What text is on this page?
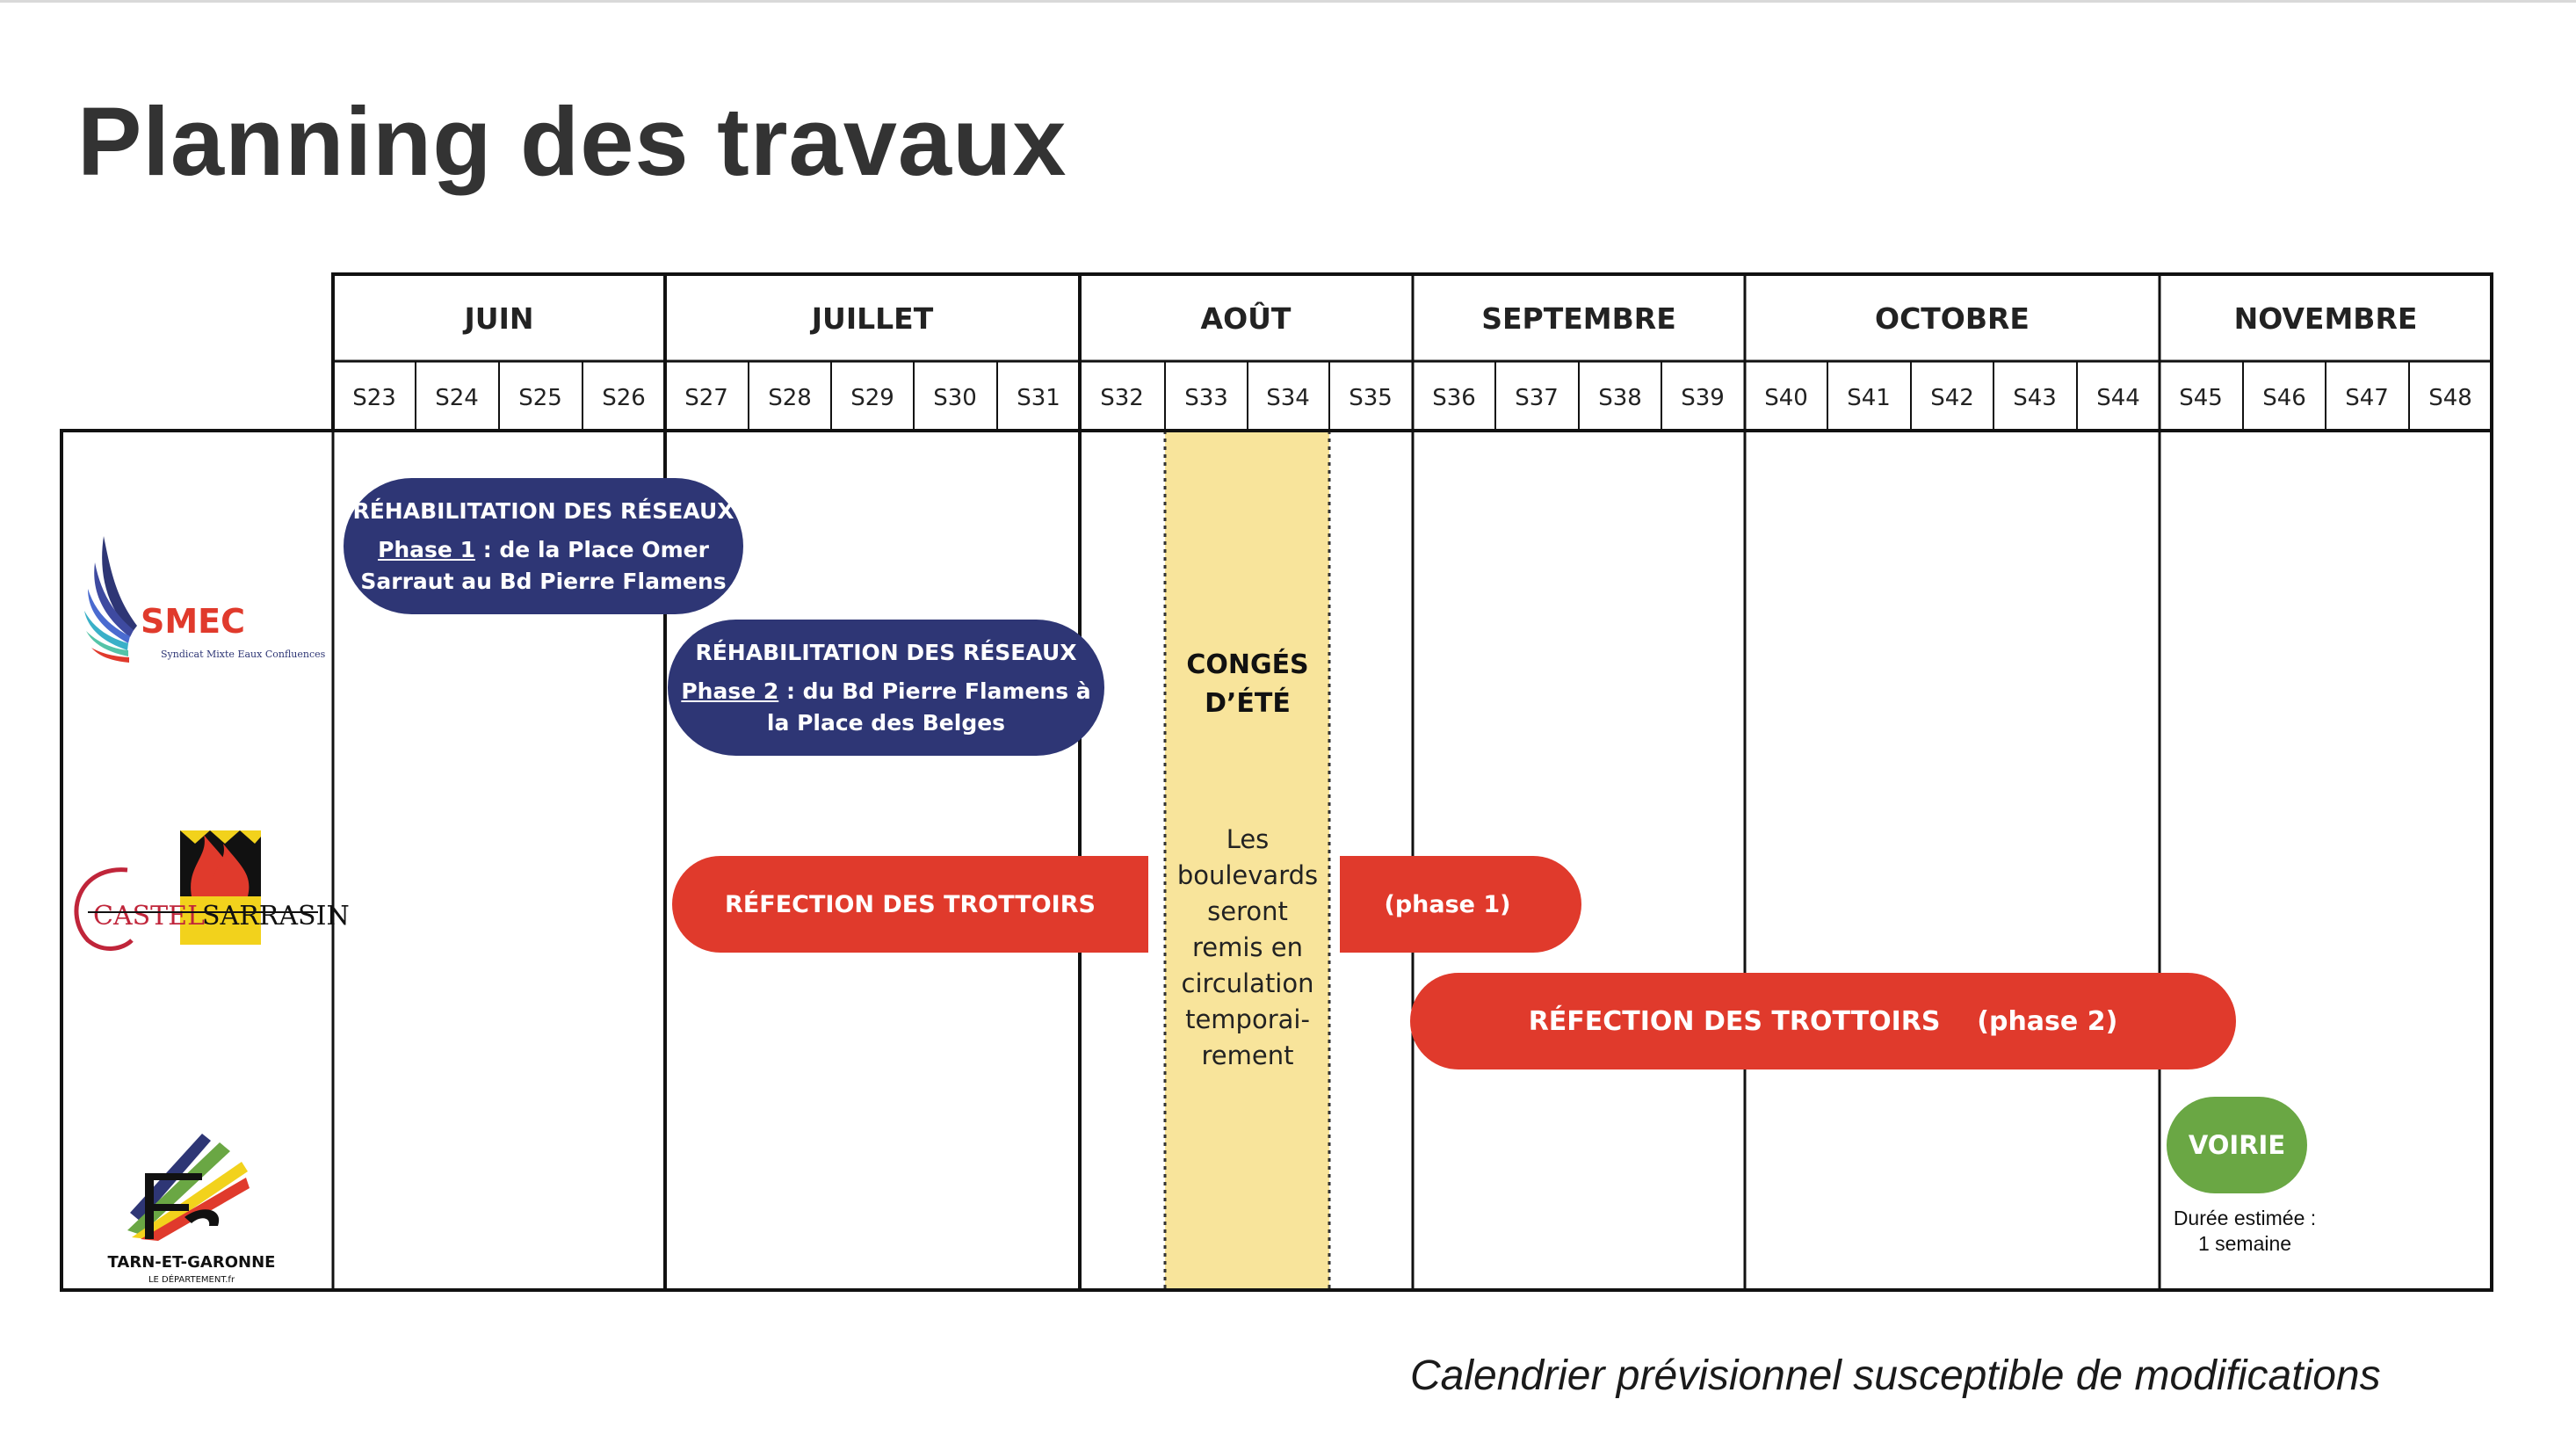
Planning des travaux
JUIN	JUILLET	AOÛT	SEPTEMBRE	OCTOBRE	NOVEMBRE
S23 S24 S25 S26 S27 S28 S29 S30 S31 S32 S33 S34 S35 S36 S37 S38 S39 S40 S41 S42 S43 S44 S45 S46 S47 S48
SMEC
Syndicat Mixte Eaux Confluences
CASTEL
SARRASIN
TARN-ET-GARONNE
LE DÉPARTEMENT.fr
RÉHABILITATION DES RÉSEAUX
Phase 1 : de la Place Omer
Sarraut au Bd Pierre Flamens
RÉHABILITATION DES RÉSEAUX
Phase 2 : du Bd Pierre Flamens à
la Place des Belges
RÉFECTION DES TROTTOIRS	(phase 1)
RÉFECTION DES TROTTOIRS    (phase 2)
VOIRIE
Durée estimée :
1 semaine
CONGÉS
D’ÉTÉ
Les
boulevards
seront
remis en
circulation
temporai-
rement
Calendrier prévisionnel susceptible de modifications
